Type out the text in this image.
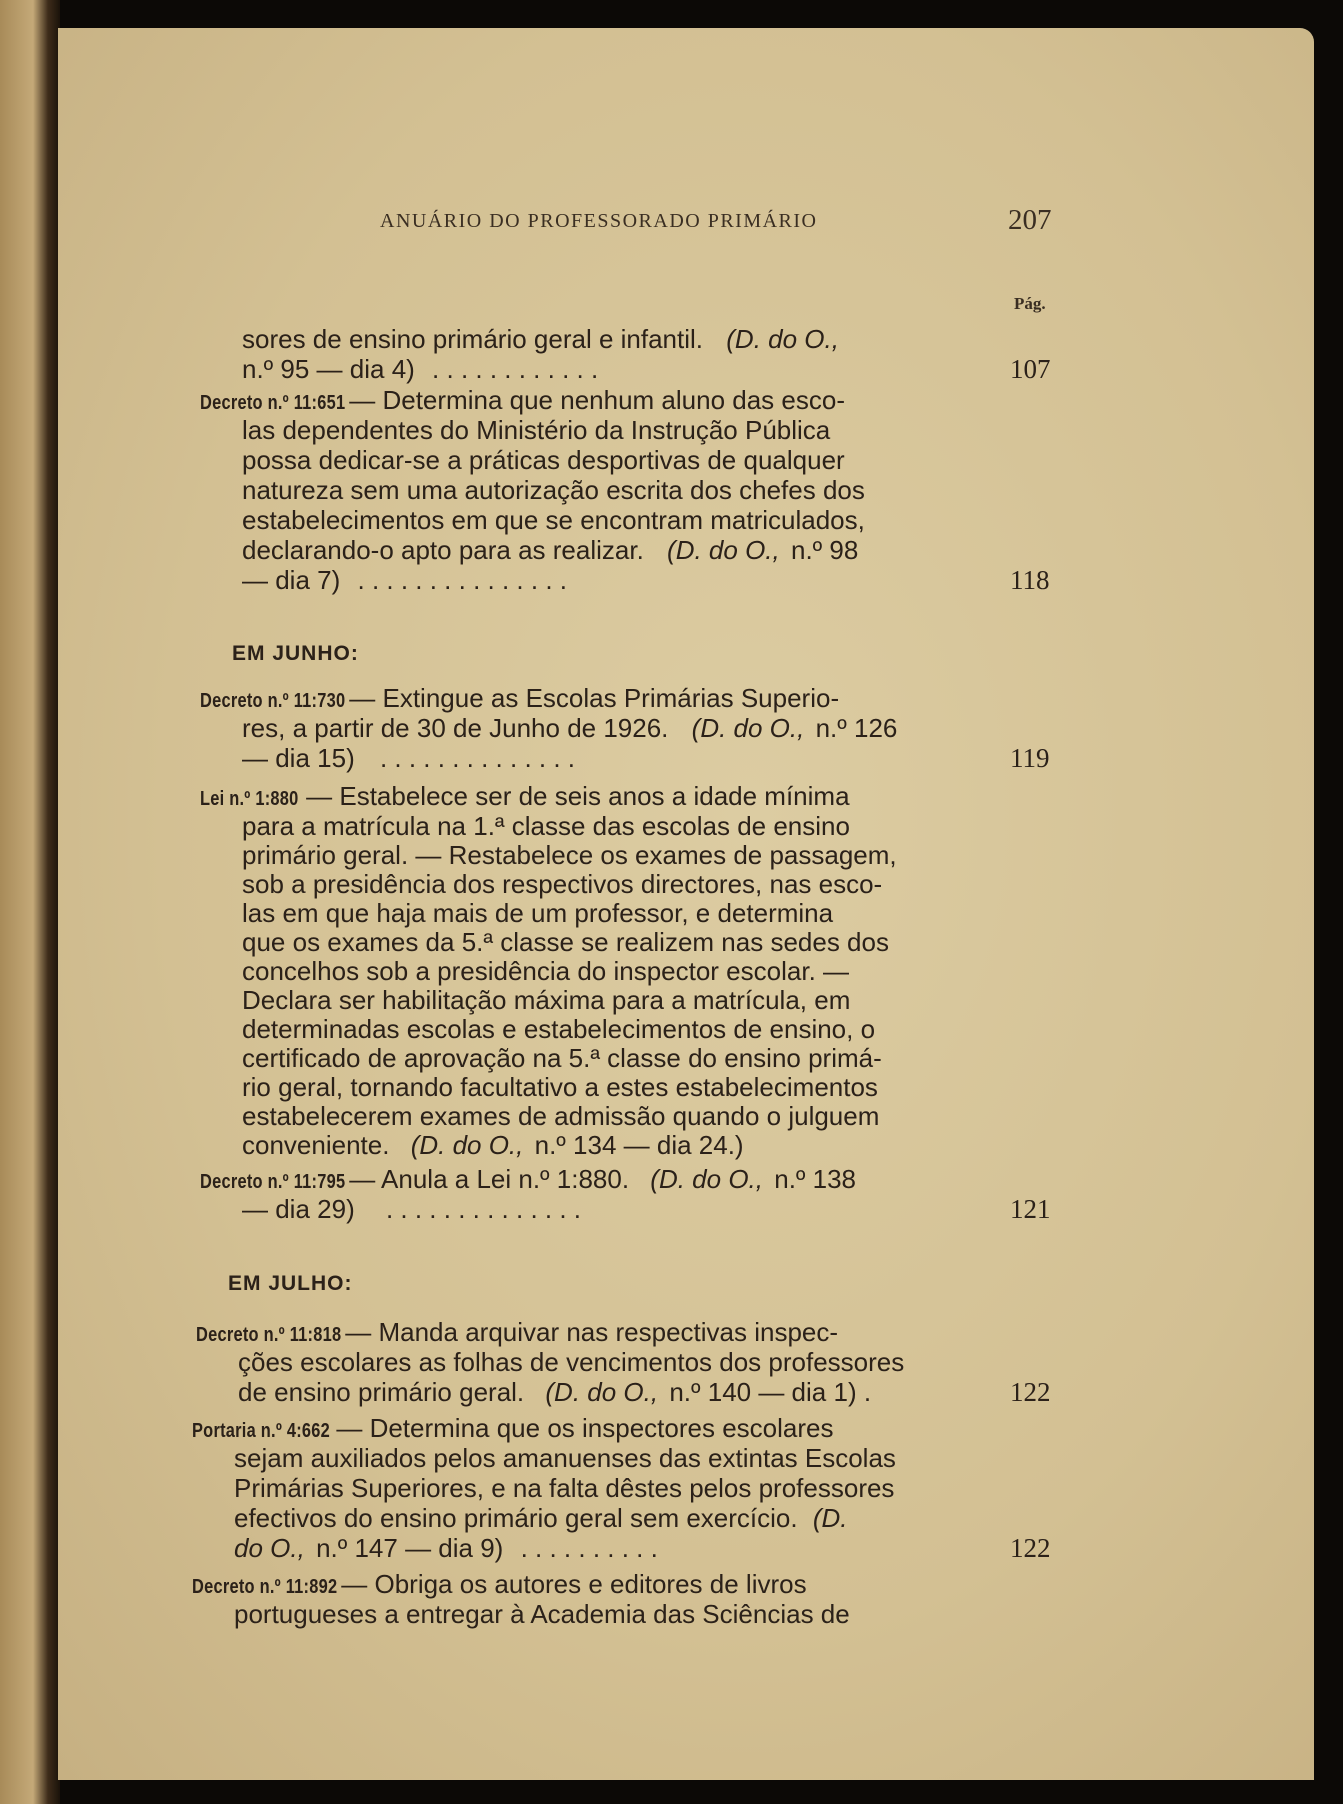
ANUÁRIO DO PROFESSORADO PRIMÁRIO	207
Pág.
sores de ensino primário geral e infantil. (D. do O.,
n.º 95 — dia 4) . . . . . . . . . . . .	107
Decreto n.º 11:651 — Determina que nenhum aluno das esco-
las dependentes do Ministério da Instrução Pública
possa dedicar-se a práticas desportivas de qualquer
natureza sem uma autorização escrita dos chefes dos
estabelecimentos em que se encontram matriculados,
declarando-o apto para as realizar. (D. do O., n.º 98
— dia 7) . . . . . . . . . . . . . . .	118
EM JUNHO:
Decreto n.º 11:730 — Extingue as Escolas Primárias Superio-
res, a partir de 30 de Junho de 1926. (D. do O., n.º 126
— dia 15) . . . . . . . . . . . . . .	119
Lei n.º 1:880 — Estabelece ser de seis anos a idade mínima
para a matrícula na 1.ª classe das escolas de ensino
primário geral. — Restabelece os exames de passagem,
sob a presidência dos respectivos directores, nas esco-
las em que haja mais de um professor, e determina
que os exames da 5.ª classe se realizem nas sedes dos
concelhos sob a presidência do inspector escolar. —
Declara ser habilitação máxima para a matrícula, em
determinadas escolas e estabelecimentos de ensino, o
certificado de aprovação na 5.ª classe do ensino primá-
rio geral, tornando facultativo a estes estabelecimentos
estabelecerem exames de admissão quando o julguem
conveniente. (D. do O., n.º 134 — dia 24.)
Decreto n.º 11:795 — Anula a Lei n.º 1:880. (D. do O., n.º 138
— dia 29) . . . . . . . . . . . . . .	121
EM JULHO:
Decreto n.º 11:818 — Manda arquivar nas respectivas inspec-
ções escolares as folhas de vencimentos dos professores
de ensino primário geral. (D. do O., n.º 140 — dia 1) .	122
Portaria n.º 4:662 — Determina que os inspectores escolares
sejam auxiliados pelos amanuenses das extintas Escolas
Primárias Superiores, e na falta dêstes pelos professores
efectivos do ensino primário geral sem exercício. (D.
do O., n.º 147 — dia 9) . . . . . . . . . .	122
Decreto n.º 11:892 — Obriga os autores e editores de livros
portugueses a entregar à Academia das Sciências de
